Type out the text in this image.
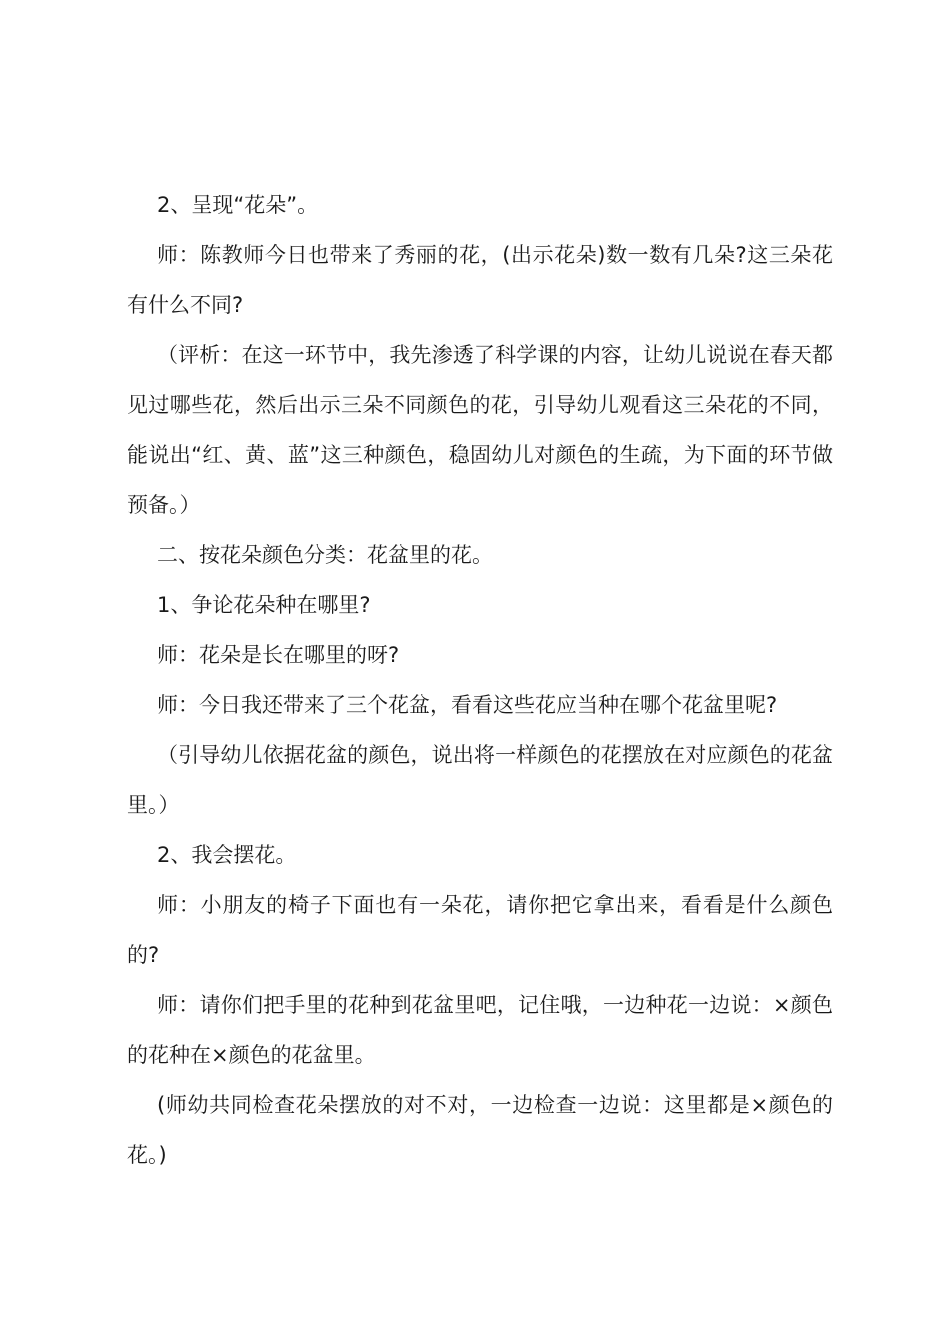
2、呈现“花朵”。

师：陈教师今日也带来了秀丽的花，(出示花朵)数一数有几朵?这三朵花有什么不同?

（评析：在这一环节中，我先渗透了科学课的内容，让幼儿说说在春天都见过哪些花，然后出示三朵不同颜色的花，引导幼儿观看这三朵花的不同，能说出“红、黄、蓝”这三种颜色，稳固幼儿对颜色的生疏，为下面的环节做预备。）

二、按花朵颜色分类：花盆里的花。

1、争论花朵种在哪里?

师：花朵是长在哪里的呀?

师：今日我还带来了三个花盆，看看这些花应当种在哪个花盆里呢?

（引导幼儿依据花盆的颜色，说出将一样颜色的花摆放在对应颜色的花盆里。）

2、我会摆花。

师：小朋友的椅子下面也有一朵花，请你把它拿出来，看看是什么颜色的?

师：请你们把手里的花种到花盆里吧，记住哦，一边种花一边说：×颜色的花种在×颜色的花盆里。

(师幼共同检查花朵摆放的对不对，一边检查一边说：这里都是×颜色的花。)
